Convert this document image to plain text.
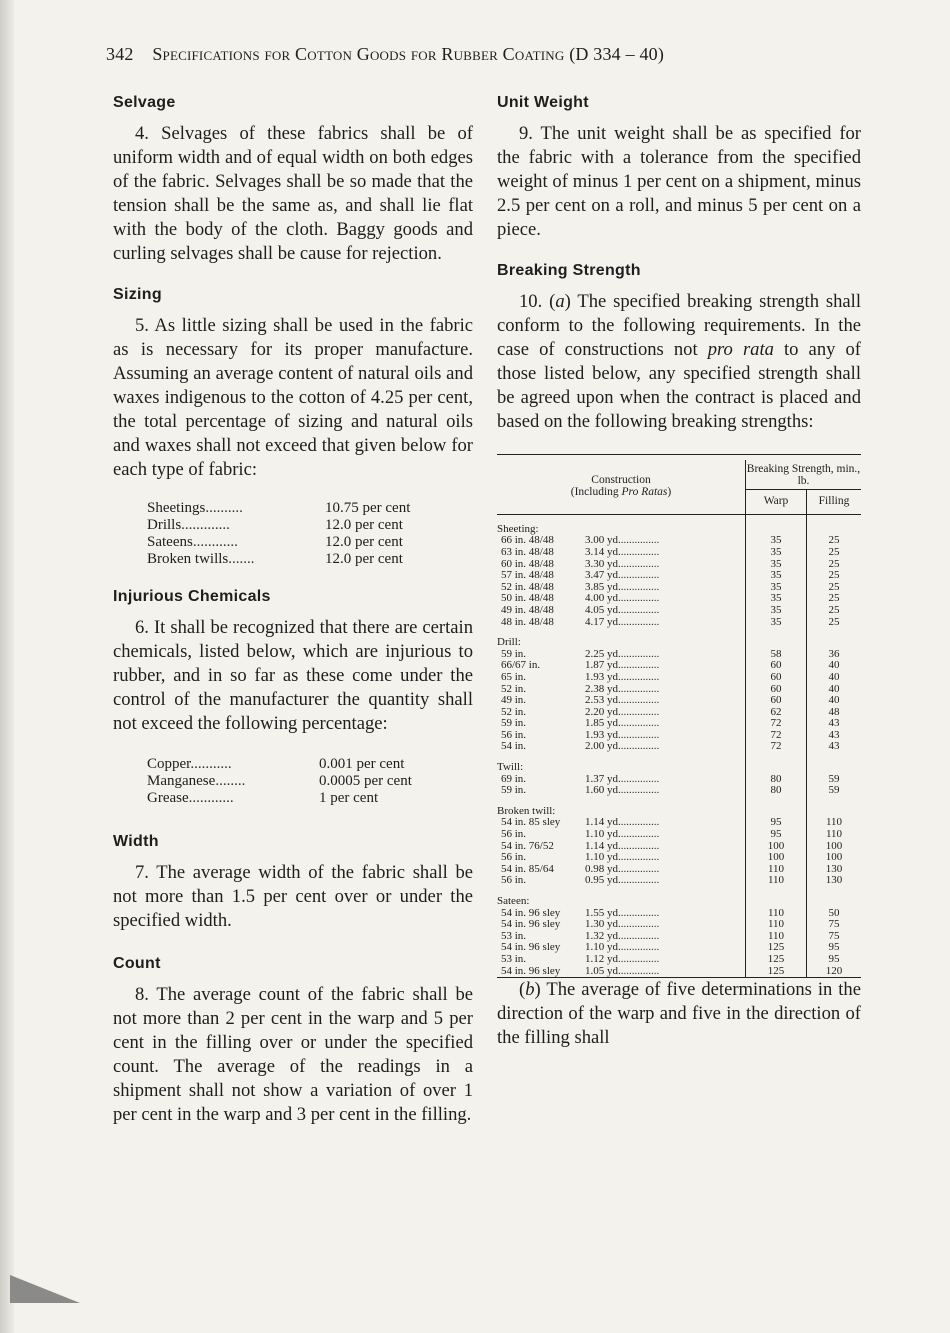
342 Specifications for Cotton Goods for Rubber Coating (D 334 – 40)
Selvage

4. Selvages of these fabrics shall be of uniform width and of equal width on both edges of the fabric. Selvages shall be so made that the tension shall be the same as, and shall lie flat with the body of the cloth. Baggy goods and curling selvages shall be cause for rejection.

Sizing

5. As little sizing shall be used in the fabric as is necessary for its proper manufacture. Assuming an average content of natural oils and waxes indigenous to the cotton of 4.25 per cent, the total percentage of sizing and natural oils and waxes shall not exceed that given below for each type of fabric:

Sheetings..........	10.75 per cent
Drills.............	12.0 per cent
Sateens............	12.0 per cent
Broken twills.......	12.0 per cent
Injurious Chemicals

6. It shall be recognized that there are certain chemicals, listed below, which are injurious to rubber, and in so far as these come under the control of the manufacturer the quantity shall not exceed the following percentage:

Copper...........	0.001 per cent
Manganese........	0.0005 per cent
Grease............	1 per cent
Width

7. The average width of the fabric shall be not more than 1.5 per cent over or under the specified width.

Count

8. The average count of the fabric shall be not more than 2 per cent in the warp and 5 per cent in the filling over or under the specified count. The average of the readings in a shipment shall not show a variation of over 1 per cent in the warp and 3 per cent in the filling.

Unit Weight

9. The unit weight shall be as specified for the fabric with a tolerance from the specified weight of minus 1 per cent on a shipment, minus 2.5 per cent on a roll, and minus 5 per cent on a piece.

Breaking Strength

10. (a) The specified breaking strength shall conform to the following requirements. In the case of constructions not pro rata to any of those listed below, any specified strength shall be agreed upon when the contract is placed and based on the following breaking strengths:

Construction
(Including Pro Ratas)	Breaking Strength, min., lb.	
	Warp	Filling

Sheeting:		
66 in. 48/48 3.00 yd...............	35	25
63 in. 48/48 3.14 yd...............	35	25
60 in. 48/48 3.30 yd...............	35	25
57 in. 48/48 3.47 yd...............	35	25
52 in. 48/48 3.85 yd...............	35	25
50 in. 48/48 4.00 yd...............	35	25
49 in. 48/48 4.05 yd...............	35	25
48 in. 48/48 4.17 yd...............	35	25
Drill:		
59 in. 2.25 yd...............	58	36
66/67 in. 1.87 yd...............	60	40
65 in. 1.93 yd...............	60	40
52 in. 2.38 yd...............	60	40
49 in. 2.53 yd...............	60	40
52 in. 2.20 yd...............	62	48
59 in. 1.85 yd...............	72	43
56 in. 1.93 yd...............	72	43
54 in. 2.00 yd...............	72	43
Twill:		
69 in. 1.37 yd...............	80	59
59 in. 1.60 yd...............	80	59
Broken twill:		
54 in. 85 sley 1.14 yd...............	95	110
56 in. 1.10 yd...............	95	110
54 in. 76/52 1.14 yd...............	100	100
56 in. 1.10 yd...............	100	100
54 in. 85/64 0.98 yd...............	110	130
56 in. 0.95 yd...............	110	130
Sateen:		
54 in. 96 sley 1.55 yd...............	110	50
54 in. 96 sley 1.30 yd...............	110	75
53 in. 1.32 yd...............	110	75
54 in. 96 sley 1.10 yd...............	125	95
53 in. 1.12 yd...............	125	95
54 in. 96 sley 1.05 yd...............	125	120

(b) The average of five determinations in the direction of the warp and five in the direction of the filling shall
